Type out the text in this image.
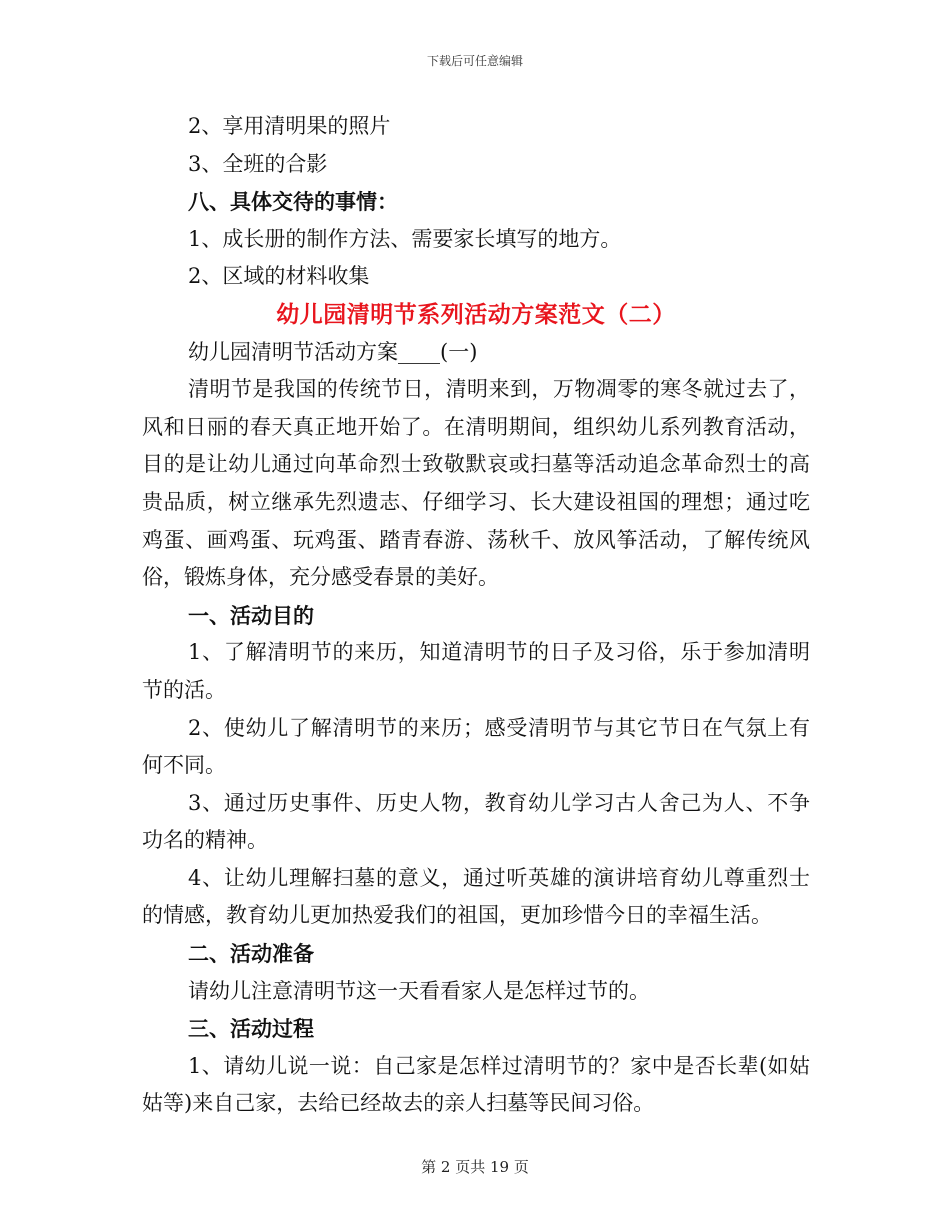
下载后可任意编辑

2、享用清明果的照片

3、全班的合影

八、具体交待的事情：

1、成长册的制作方法、需要家长填写的地方。

2、区域的材料收集

幼儿园清明节系列活动方案范文（二）

幼儿园清明节活动方案____(一)

清明节是我国的传统节日，清明来到，万物凋零的寒冬就过去了，风和日丽的春天真正地开始了。在清明期间，组织幼儿系列教育活动，目的是让幼儿通过向革命烈士致敬默哀或扫墓等活动追念革命烈士的高贵品质，树立继承先烈遗志、仔细学习、长大建设祖国的理想；通过吃鸡蛋、画鸡蛋、玩鸡蛋、踏青春游、荡秋千、放风筝活动，了解传统风俗，锻炼身体，充分感受春景的美好。

一、活动目的

1、了解清明节的来历，知道清明节的日子及习俗，乐于参加清明节的活。

2、使幼儿了解清明节的来历；感受清明节与其它节日在气氛上有何不同。

3、通过历史事件、历史人物，教育幼儿学习古人舍己为人、不争功名的精神。

4、让幼儿理解扫墓的意义，通过听英雄的演讲培育幼儿尊重烈士的情感，教育幼儿更加热爱我们的祖国，更加珍惜今日的幸福生活。

二、活动准备

请幼儿注意清明节这一天看看家人是怎样过节的。

三、活动过程

1、请幼儿说一说：自己家是怎样过清明节的？家中是否长辈(如姑姑等)来自己家，去给已经故去的亲人扫墓等民间习俗。

第 2 页共 19 页
